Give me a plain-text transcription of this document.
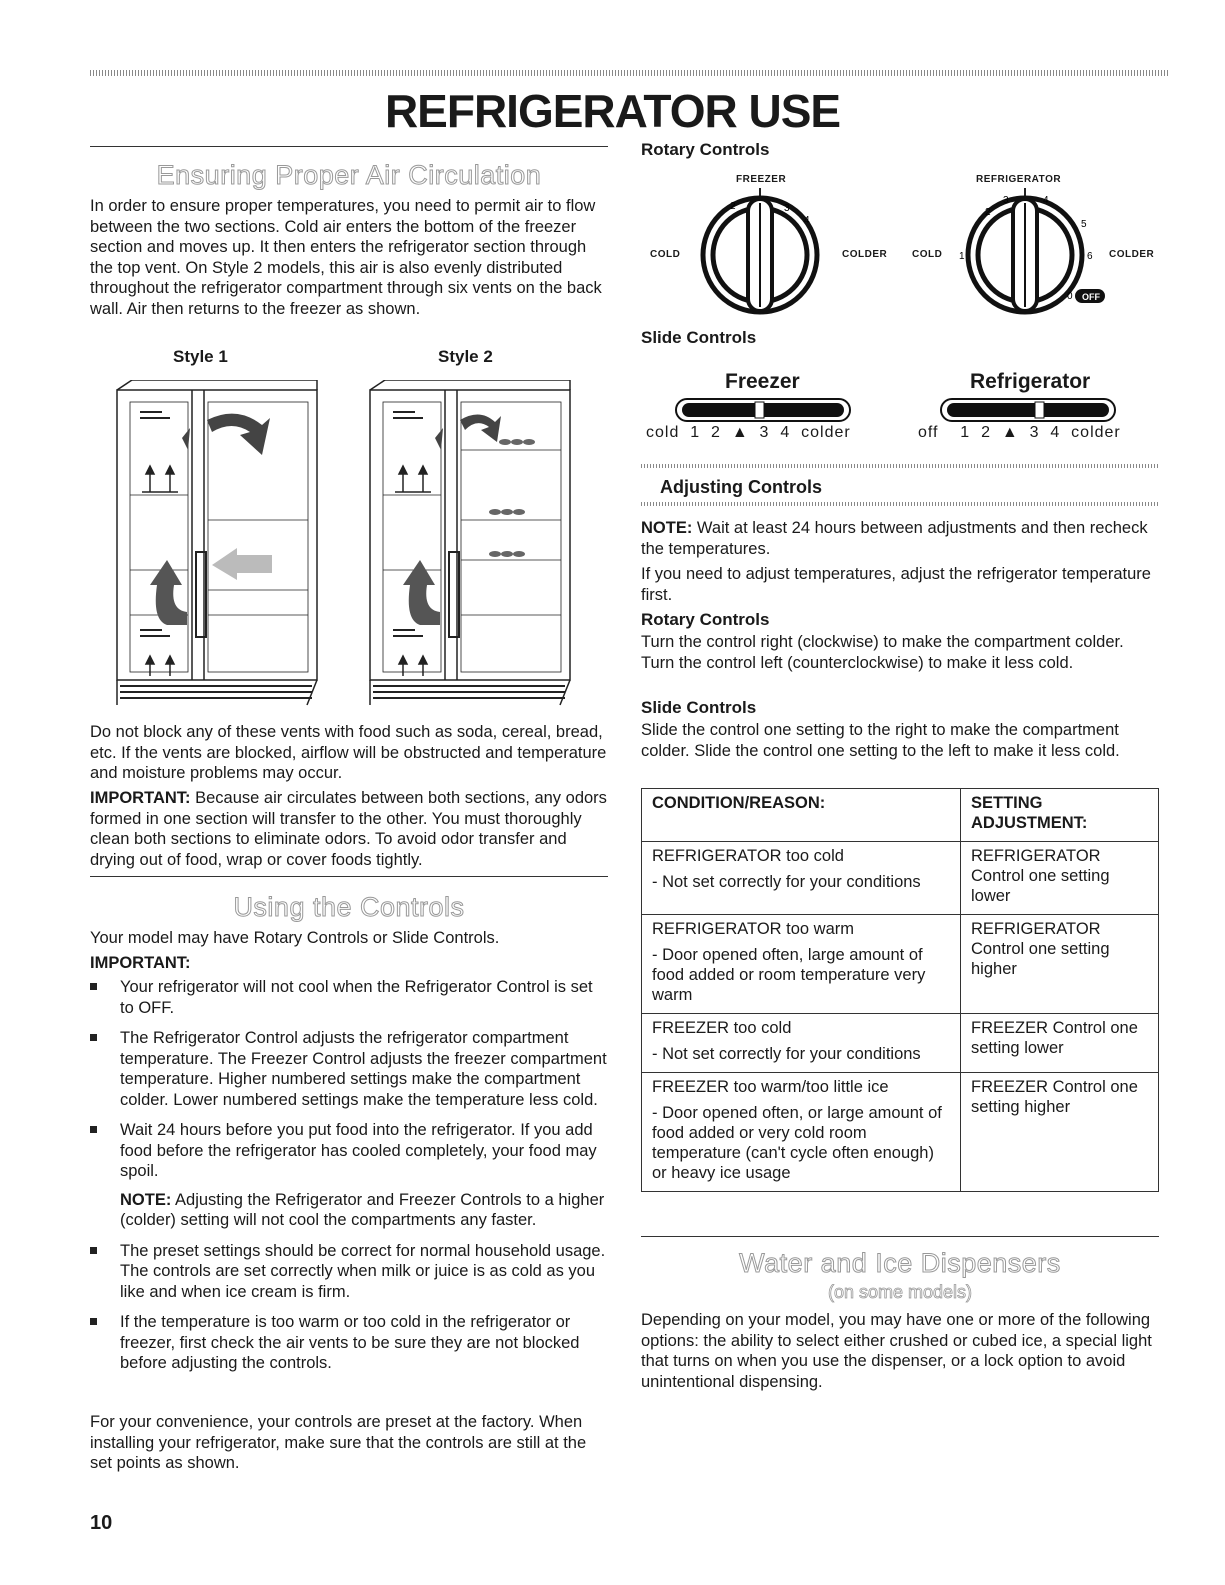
REFRIGERATOR USE
Ensuring Proper Air Circulation

In order to ensure proper temperatures, you need to permit air to flow between the two sections. Cold air enters the bottom of the freezer section and moves up. It then enters the refrigerator section through the top vent. On Style 2 models, this air is also evenly distributed throughout the refrigerator compartment through six vents on the back wall. Air then returns to the freezer as shown.

Style 1	Style 2

Do not block any of these vents with food such as soda, cereal, bread, etc. If the vents are blocked, airflow will be obstructed and temperature and moisture problems may occur.

IMPORTANT: Because air circulates between both sections, any odors formed in one section will transfer to the other. You must thoroughly clean both sections to eliminate odors. To avoid odor transfer and drying out of food, wrap or cover foods tightly.

Using the Controls

Your model may have Rotary Controls or Slide Controls.

IMPORTANT:
Your refrigerator will not cool when the Refrigerator Control is set to OFF.
The Refrigerator Control adjusts the refrigerator compartment temperature. The Freezer Control adjusts the freezer compartment temperature. Higher numbered settings make the compartment colder. Lower numbered settings make the temperature less cold.
Wait 24 hours before you put food into the refrigerator. If you add food before the refrigerator has cooled completely, your food may spoil.
NOTE: Adjusting the Refrigerator and Freezer Controls to a higher (colder) setting will not cool the compartments any faster.
The preset settings should be correct for normal household usage. The controls are set correctly when milk or juice is as cold as you like and when ice cream is firm.
If the temperature is too warm or too cold in the refrigerator or freezer, first check the air vents to be sure they are not blocked before adjusting the controls.

For your convenience, your controls are preset at the factory. When installing your refrigerator, make sure that the controls are still at the set points as shown.

10
Rotary Controls
FREEZER	REFRIGERATOR
COLD	COLDER COLD	COLDER
2	3
4
1
2
3	4
5
6
0 OFF
Slide Controls
Freezer	Refrigerator
cold  1  2  ▲  3  4  colder	off    1  2  ▲  3  4  colder
Adjusting Controls

NOTE: Wait at least 24 hours between adjustments and then recheck the temperatures.

If you need to adjust temperatures, adjust the refrigerator temperature first.

Rotary Controls

Turn the control right (clockwise) to make the compartment colder. Turn the control left (counterclockwise) to make it less cold.

Slide Controls

Slide the control one setting to the right to make the compartment colder. Slide the control one setting to the left to make it less cold.

CONDITION/REASON:	SETTING ADJUSTMENT:

REFRIGERATOR too cold
- Not set correctly for your conditions	REFRIGERATOR Control one setting lower

REFRIGERATOR too warm
- Door opened often, large amount of food added or room temperature very warm	REFRIGERATOR Control one setting higher

FREEZER too cold
- Not set correctly for your conditions	FREEZER Control one setting lower

FREEZER too warm/too little ice
- Door opened often, or large amount of food added or very cold room temperature (can't cycle often enough) or heavy ice usage	FREEZER Control one setting higher
Water and Ice Dispensers
(on some models)

Depending on your model, you may have one or more of the following options: the ability to select either crushed or cubed ice, a special light that turns on when you use the dispenser, or a lock option to avoid unintentional dispensing.
